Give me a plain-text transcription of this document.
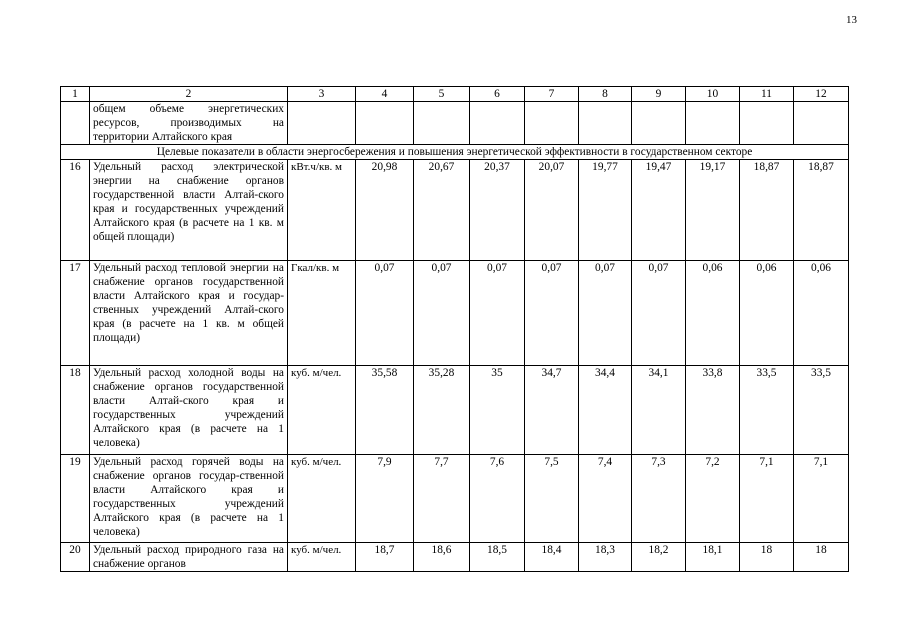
13
1	2	3	4	5	6	7	8	9	10	11	12
	общем объеме энергетических ресурсов, производимых на территории Алтайского края										
Целевые показатели в области энергосбережения и повышения энергетической эффективности в государственном секторе											
16	Удельный расход электрической энергии на снабжение органов государственной власти Алтай-ского края и государственных учреждений Алтайского края (в расчете на 1 кв. м общей площади)	кВт.ч/кв. м	20,98	20,67	20,37	20,07	19,77	19,47	19,17	18,87	18,87
17	Удельный расход тепловой энергии на снабжение органов государственной власти Алтайского края и государ-ственных учреждений Алтай-ского края (в расчете на 1 кв. м общей площади)	Гкал/кв. м	0,07	0,07	0,07	0,07	0,07	0,07	0,06	0,06	0,06
18	Удельный расход холодной воды на снабжение органов государственной власти Алтай-ского края и государственных учреждений Алтайского края (в расчете на 1 человека)	куб. м/чел.	35,58	35,28	35	34,7	34,4	34,1	33,8	33,5	33,5
19	Удельный расход горячей воды на снабжение органов государ-ственной власти Алтайского края и государственных учреждений Алтайского края (в расчете на 1 человека)	куб. м/чел.	7,9	7,7	7,6	7,5	7,4	7,3	7,2	7,1	7,1
20	Удельный расход природного газа на снабжение органов	куб. м/чел.	18,7	18,6	18,5	18,4	18,3	18,2	18,1	18	18
